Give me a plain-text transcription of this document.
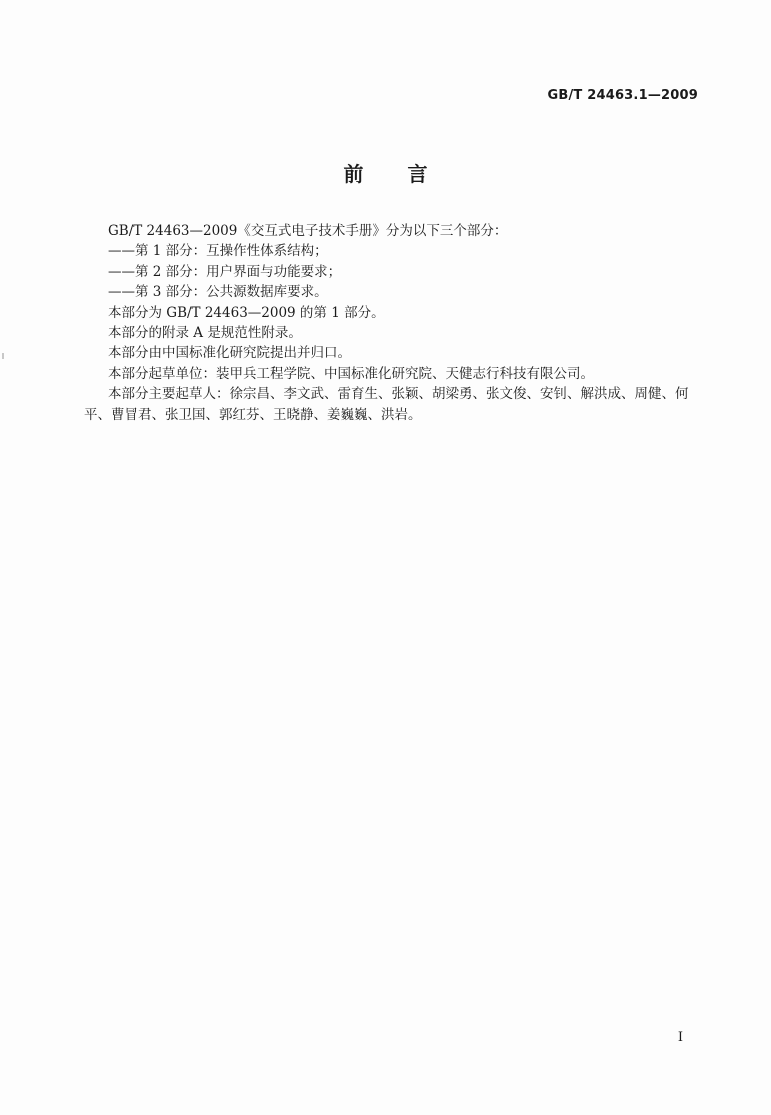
GB/T 24463.1—2009
前言

GB/T 24463—2009《交互式电子技术手册》分为以下三个部分：

——第 1 部分：互操作性体系结构；

——第 2 部分：用户界面与功能要求；

——第 3 部分：公共源数据库要求。

本部分为 GB/T 24463—2009 的第 1 部分。

本部分的附录 A 是规范性附录。

本部分由中国标准化研究院提出并归口。

本部分起草单位：装甲兵工程学院、中国标准化研究院、天健志行科技有限公司。

本部分主要起草人：徐宗昌、李文武、雷育生、张颖、胡梁勇、张文俊、安钊、解洪成、周健、何平、曹冒君、张卫国、郭红芬、王晓静、姜巍巍、洪岩。

I
